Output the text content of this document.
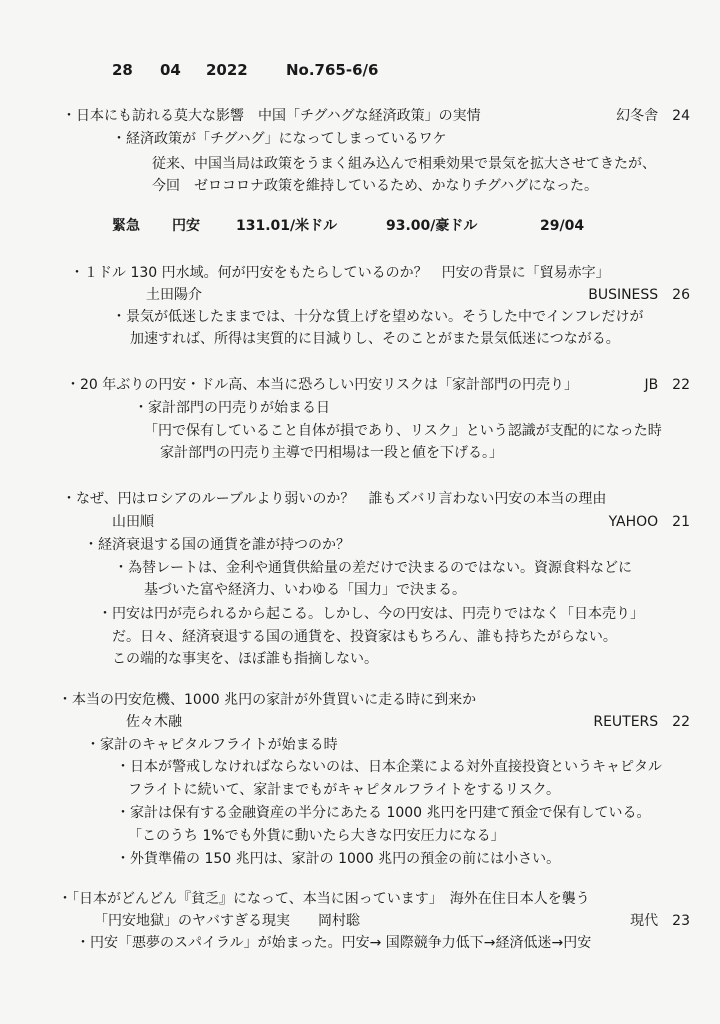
28 04 2022	No.765-6/6
・日本にも訪れる莫大な影響　中国「チグハグな経済政策」の実情	幻冬舎　24
・経済政策が「チグハグ」になってしまっているワケ
従来、中国当局は政策をうまく組み込んで相乗効果で景気を拡大させてきたが、
今回　ゼロコロナ政策を維持しているため、かなりチグハグになった。
緊急 円安	131.01/米ドル	93.00/豪ドル	29/04
・１ドル 130 円水域。何が円安をもたらしているのか？　円安の背景に「貿易赤字」
土田陽介	BUSINESS　26
・景気が低迷したままでは、十分な賃上げを望めない。そうした中でインフレだけが
加速すれば、所得は実質的に目減りし、そのことがまた景気低迷につながる。
・20 年ぶりの円安・ドル高、本当に恐ろしい円安リスクは「家計部門の円売り」	JB　22
・家計部門の円売りが始まる日
「円で保有していること自体が損であり、リスク」という認識が支配的になった時
家計部門の円売り主導で円相場は一段と値を下げる。」
・なぜ、円はロシアのルーブルより弱いのか？　誰もズバリ言わない円安の本当の理由
山田順	YAHOO　21
・経済衰退する国の通貨を誰が持つのか？
・為替レートは、金利や通貨供給量の差だけで決まるのではない。資源食料などに
基づいた富や経済力、いわゆる「国力」で決まる。
・円安は円が売られるから起こる。しかし、今の円安は、円売りではなく「日本売り」
だ。日々、経済衰退する国の通貨を、投資家はもちろん、誰も持ちたがらない。
この端的な事実を、ほぼ誰も指摘しない。
・本当の円安危機、1000 兆円の家計が外貨買いに走る時に到来か
佐々木融	REUTERS　22
・家計のキャピタルフライトが始まる時
・日本が警戒しなければならないのは、日本企業による対外直接投資というキャピタル
フライトに続いて、家計までもがキャピタルフライトをするリスク。
・家計は保有する金融資産の半分にあたる 1000 兆円を円建て預金で保有している。
「このうち 1%でも外貨に動いたら大きな円安圧力になる」
・外貨準備の 150 兆円は、家計の 1000 兆円の預金の前には小さい。
・「日本がどんどん『貧乏』になって、本当に困っています」　海外在住日本人を襲う
「円安地獄」のヤバすぎる現実　　岡村聡	現代　23
・円安「悪夢のスパイラル」が始まった。円安→ 国際競争力低下→経済低迷→円安
